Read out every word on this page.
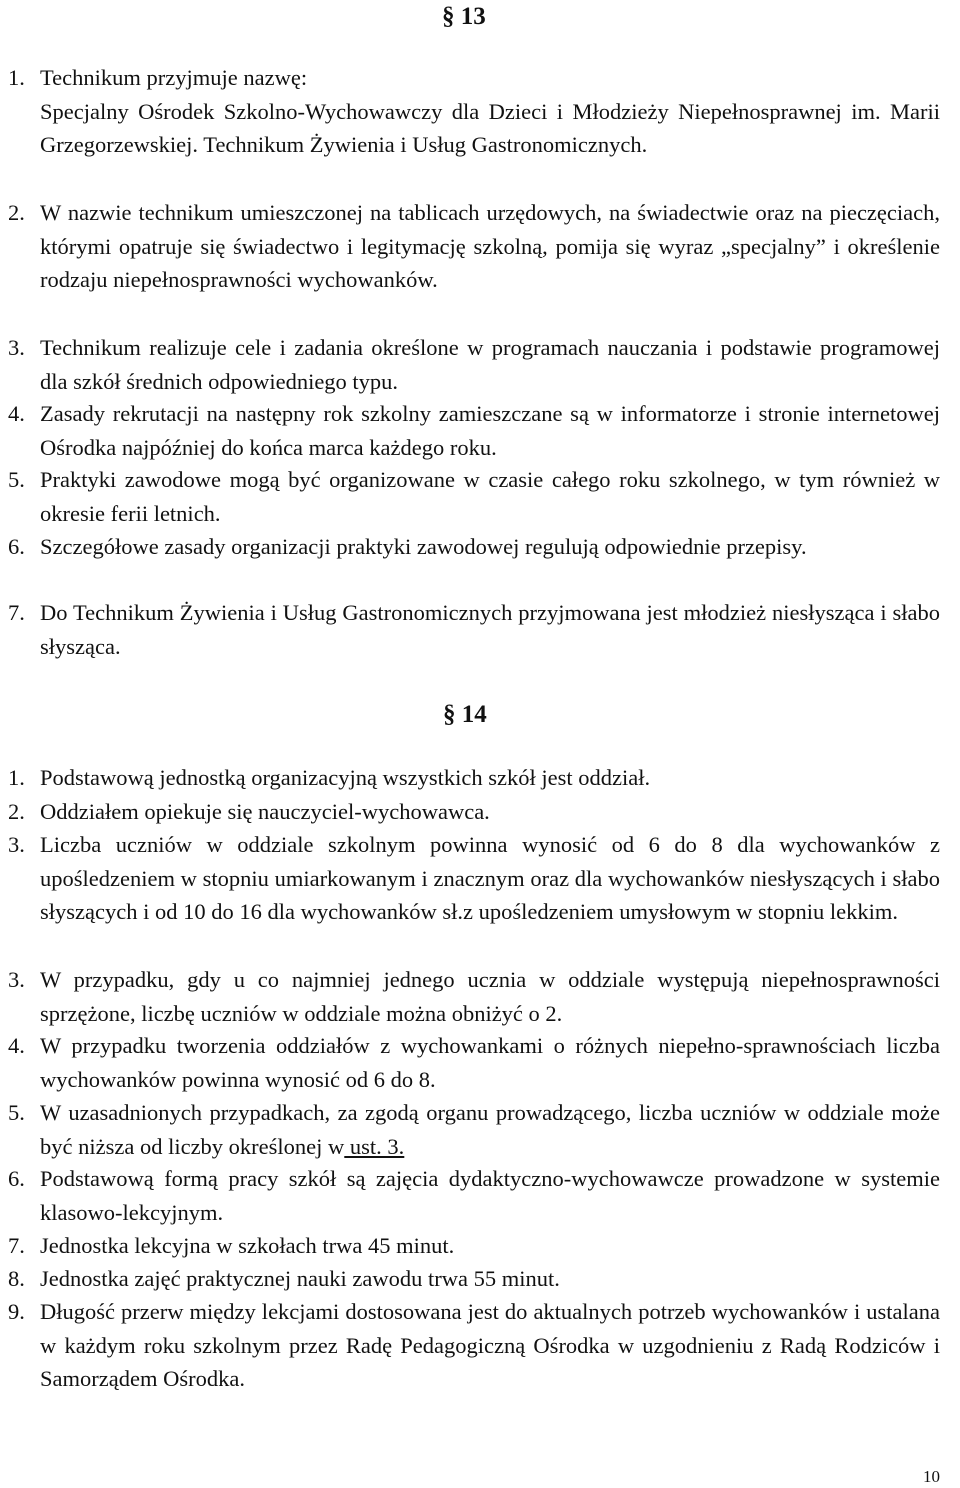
§ 13
1. Technikum przyjmuje nazwę:
Specjalny Ośrodek Szkolno-Wychowawczy dla Dzieci i Młodzieży Niepełnosprawnej im. Marii Grzegorzewskiej. Technikum Żywienia i Usług Gastronomicznych.
2. W nazwie technikum umieszczonej na tablicach urzędowych, na świadectwie oraz na pieczęciach, którymi opatruje się świadectwo i legitymację szkolną, pomija się wyraz „specjalny” i określenie rodzaju niepełnosprawności wychowanków.
3. Technikum realizuje cele i zadania określone w programach nauczania i podstawie programowej dla szkół średnich odpowiedniego typu.
4. Zasady rekrutacji na następny rok szkolny zamieszczane są w informatorze i stronie internetowej Ośrodka najpóźniej do końca marca każdego roku.
5. Praktyki zawodowe mogą być organizowane w czasie całego roku szkolnego, w tym również w okresie ferii letnich.
6. Szczegółowe zasady organizacji praktyki zawodowej regulują odpowiednie przepisy.
7. Do Technikum Żywienia i Usług Gastronomicznych przyjmowana jest młodzież niesłysząca i słabo słysząca.
§ 14
1. Podstawową jednostką organizacyjną wszystkich szkół jest oddział.
2. Oddziałem opiekuje się nauczyciel-wychowawca.
3. Liczba uczniów w oddziale szkolnym powinna wynosić od 6 do 8 dla wychowanków z upośledzeniem w stopniu umiarkowanym i znacznym oraz dla wychowanków niesłyszących i słabo słyszących i od 10 do 16 dla wychowanków sł.z upośledzeniem umysłowym w stopniu lekkim.
3. W przypadku, gdy u co najmniej jednego ucznia w oddziale występują niepełnosprawności sprzężone, liczbę uczniów w oddziale można obniżyć o 2.
4. W przypadku tworzenia oddziałów z wychowankami o różnych niepełno-sprawnościach liczba wychowanków powinna wynosić od 6 do 8.
5. W uzasadnionych przypadkach, za zgodą organu prowadzącego, liczba uczniów w oddziale może być niższa od liczby określonej w ust. 3.
6. Podstawową formą pracy szkół są zajęcia dydaktyczno-wychowawcze prowadzone w systemie klasowo-lekcyjnym.
7. Jednostka lekcyjna w szkołach trwa 45 minut.
8. Jednostka zajęć praktycznej nauki zawodu trwa 55 minut.
9. Długość przerw między lekcjami dostosowana jest do aktualnych potrzeb wychowanków i ustalana w każdym roku szkolnym przez Radę Pedagogiczną Ośrodka w uzgodnieniu z Radą Rodziców i Samorządem Ośrodka.
10
